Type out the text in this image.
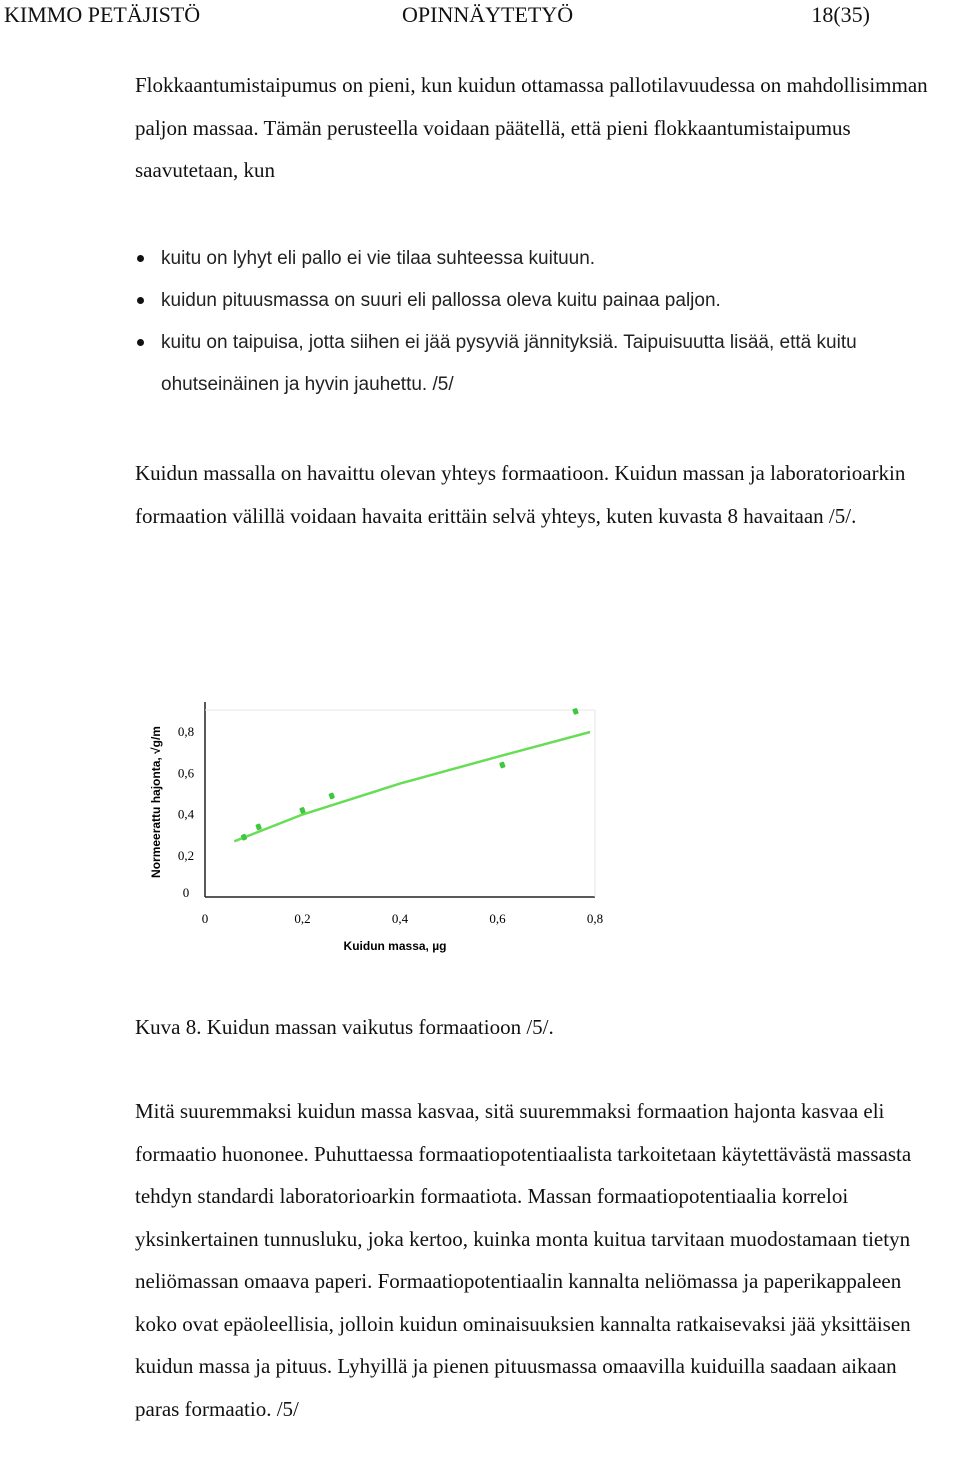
KIMMO PETÄJISTÖ	OPINNÄYTETYÖ	18(35)

Flokkaantumistaipumus on pieni, kun kuidun ottamassa pallotilavuudessa on mahdollisimman paljon massaa. Tämän perusteella voidaan päätellä, että pieni flokkaantumistaipumus saavutetaan, kun

kuitu on lyhyt eli pallo ei vie tilaa suhteessa kuituun.
kuidun pituusmassa on suuri eli pallossa oleva kuitu painaa paljon.
kuitu on taipuisa, jotta siihen ei jää pysyviä jännityksiä. Taipuisuutta lisää, että kuitu ohutseinäinen ja hyvin jauhettu. /5/

Kuidun massalla on havaittu olevan yhteys formaatioon. Kuidun massan ja laboratorioarkin formaation välillä voidaan havaita erittäin selvä yhteys, kuten kuvasta 8 havaitaan /5/.

0
0,2
0,4
0,6
0,8
0	0,2	0,4	0,6	0,8
Kuidun massa, µg
Normeerattu hajonta, √g/m
Kuva 8. Kuidun massan vaikutus formaatioon /5/.

Mitä suuremmaksi kuidun massa kasvaa, sitä suuremmaksi formaation hajonta kasvaa eli formaatio huononee. Puhuttaessa formaatiopotentiaalista tarkoitetaan käytettävästä massasta tehdyn standardi laboratorioarkin formaatiota. Massan formaatiopotentiaalia korreloi yksinkertainen tunnusluku, joka kertoo, kuinka monta kuitua tarvitaan muodostamaan tietyn neliömassan omaava paperi. Formaatiopotentiaalin kannalta neliömassa ja paperikappaleen koko ovat epäoleellisia, jolloin kuidun ominaisuuksien kannalta ratkaisevaksi jää yksittäisen kuidun massa ja pituus. Lyhyillä ja pienen pituusmassa omaavilla kuiduilla saadaan aikaan paras formaatio. /5/
